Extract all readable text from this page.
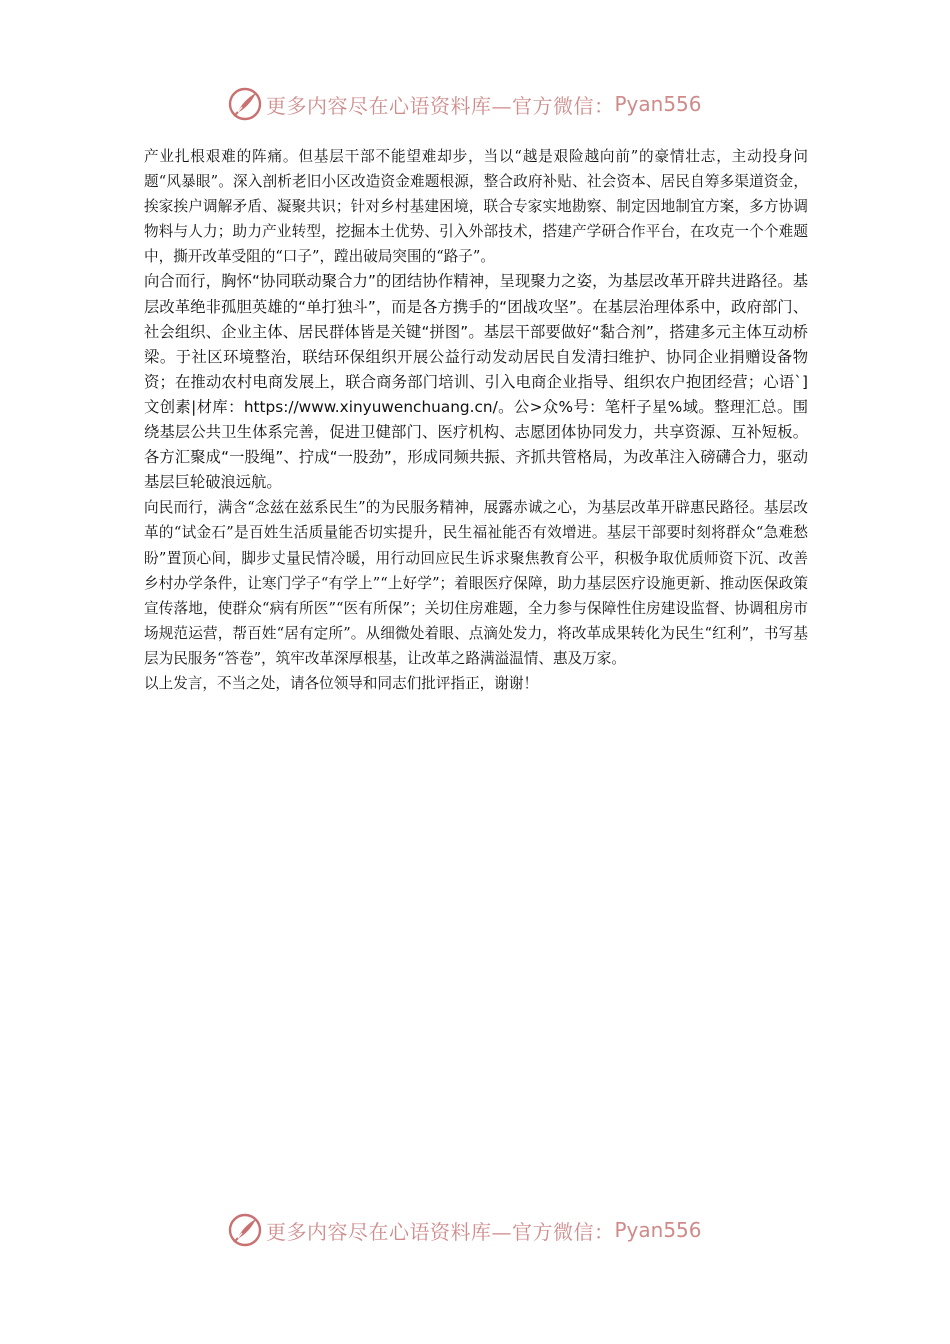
更多内容尽在心语资料库—官方微信： Pyan556

产业扎根艰难的阵痛。但基层干部不能望难却步，当以“越是艰险越向前”的豪情壮志，主动投身问题“风暴眼”。深入剖析老旧小区改造资金难题根源，整合政府补贴、社会资本、居民自筹多渠道资金，挨家挨户调解矛盾、凝聚共识；针对乡村基建困境，联合专家实地勘察、制定因地制宜方案，多方协调物料与人力；助力产业转型，挖掘本土优势、引入外部技术，搭建产学研合作平台，在攻克一个个难题中，撕开改革受阻的“口子”，蹚出破局突围的“路子”。

向合而行，胸怀“协同联动聚合力”的团结协作精神，呈现聚力之姿，为基层改革开辟共进路径。基层改革绝非孤胆英雄的“单打独斗”，而是各方携手的“团战攻坚”。在基层治理体系中，政府部门、社会组织、企业主体、居民群体皆是关键“拼图”。基层干部要做好“黏合剂”，搭建多元主体互动桥梁。于社区环境整治，联结环保组织开展公益行动发动居民自发清扫维护、协同企业捐赠设备物资；在推动农村电商发展上，联合商务部门培训、引入电商企业指导、组织农户抱团经营；心语`]文创素|材库：https://www.xinyuwenchuang.cn/。公>众%号：笔杆子星%域。整理汇总。围绕基层公共卫生体系完善，促进卫健部门、医疗机构、志愿团体协同发力，共享资源、互补短板。各方汇聚成“一股绳”、拧成“一股劲”，形成同频共振、齐抓共管格局，为改革注入磅礴合力，驱动基层巨轮破浪远航。

向民而行，满含“念兹在兹系民生”的为民服务精神，展露赤诚之心，为基层改革开辟惠民路径。基层改革的“试金石”是百姓生活质量能否切实提升，民生福祉能否有效增进。基层干部要时刻将群众“急难愁盼”置顶心间，脚步丈量民情冷暖，用行动回应民生诉求聚焦教育公平，积极争取优质师资下沉、改善乡村办学条件，让寒门学子“有学上”“上好学”；着眼医疗保障，助力基层医疗设施更新、推动医保政策宣传落地，使群众“病有所医”“医有所保”；关切住房难题，全力参与保障性住房建设监督、协调租房市场规范运营，帮百姓“居有定所”。从细微处着眼、点滴处发力，将改革成果转化为民生“红利”，书写基层为民服务“答卷”，筑牢改革深厚根基，让改革之路满溢温情、惠及万家。

以上发言，不当之处，请各位领导和同志们批评指正，谢谢！

更多内容尽在心语资料库—官方微信： Pyan556
